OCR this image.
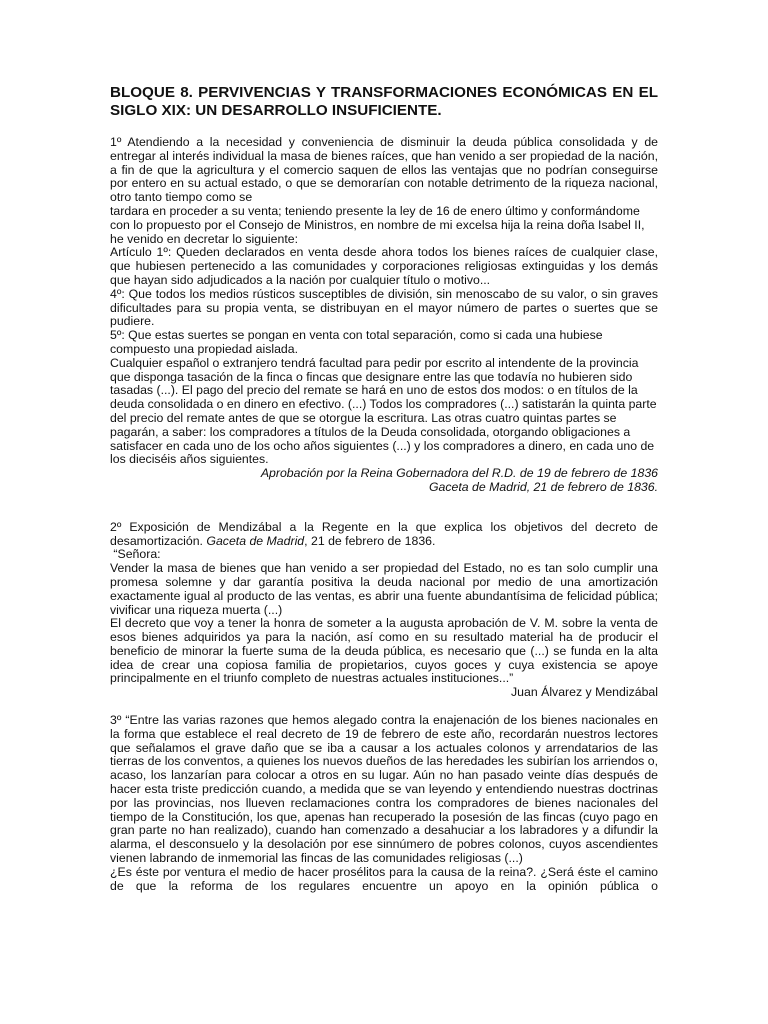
BLOQUE 8. PERVIVENCIAS Y TRANSFORMACIONES ECONÓMICAS EN EL SIGLO XIX: UN DESARROLLO INSUFICIENTE.

1º Atendiendo a la necesidad y conveniencia de disminuir la deuda pública consolidada y de entregar al interés individual la masa de bienes raíces, que han venido a ser propiedad de la nación, a fin de que la agricultura y el comercio saquen de ellos las ventajas que no podrían conseguirse por entero en su actual estado, o que se demorarían con notable detrimento de la riqueza nacional, otro tanto tiempo como se

tardara en proceder a su venta; teniendo presente la ley de 16 de enero último y conformándome con lo propuesto por el Consejo de Ministros, en nombre de mi excelsa hija la reina doña Isabel II, he venido en decretar lo siguiente:

Artículo 1º: Queden declarados en venta desde ahora todos los bienes raíces de cualquier clase, que hubiesen pertenecido a las comunidades y corporaciones religiosas extinguidas y los demás que hayan sido adjudicados a la nación por cualquier título o motivo...

4º: Que todos los medios rústicos susceptibles de división, sin menoscabo de su valor, o sin graves dificultades para su propia venta, se distribuyan en el mayor número de partes o suertes que se pudiere.

5º: Que estas suertes se pongan en venta con total separación, como si cada una hubiese compuesto una propiedad aislada.

Cualquier español o extranjero tendrá facultad para pedir por escrito al intendente de la provincia que disponga tasación de la finca o fincas que designare entre las que todavía no hubieren sido tasadas (...). El pago del precio del remate se hará en uno de estos dos modos: o en títulos de la deuda consolidada o en dinero en efectivo. (...) Todos los compradores (...) satistarán la quinta parte del precio del remate antes de que se otorgue la escritura. Las otras cuatro quintas partes se pagarán, a saber: los compradores a títulos de la Deuda consolidada, otorgando obligaciones a satisfacer en cada uno de los ocho años siguientes (...) y los compradores a dinero, en cada uno de los dieciséis años siguientes.

Aprobación por la Reina Gobernadora del R.D. de 19 de febrero de 1836

Gaceta de Madrid, 21 de febrero de 1836.

2º Exposición de Mendizábal a la Regente en la que explica los objetivos del decreto de desamortización. Gaceta de Madrid, 21 de febrero de 1836.

“Señora:

Vender la masa de bienes que han venido a ser propiedad del Estado, no es tan solo cumplir una promesa solemne y dar garantía positiva la deuda nacional por medio de una amortización exactamente igual al producto de las ventas, es abrir una fuente abundantísima de felicidad pública; vivificar una riqueza muerta (...)

El decreto que voy a tener la honra de someter a la augusta aprobación de V. M. sobre la venta de esos bienes adquiridos ya para la nación, así como en su resultado material ha de producir el beneficio de minorar la fuerte suma de la deuda pública, es necesario que (...) se funda en la alta idea de crear una copiosa familia de propietarios, cuyos goces y cuya existencia se apoye principalmente en el triunfo completo de nuestras actuales instituciones...”

Juan Álvarez y Mendizábal

3º “Entre las varias razones que hemos alegado contra la enajenación de los bienes nacionales en la forma que establece el real decreto de 19 de febrero de este año, recordarán nuestros lectores que señalamos el grave daño que se iba a causar a los actuales colonos y arrendatarios de las tierras de los conventos, a quienes los nuevos dueños de las heredades les subirían los arriendos o, acaso, los lanzarían para colocar a otros en su lugar. Aún no han pasado veinte días después de hacer esta triste predicción cuando, a medida que se van leyendo y entendiendo nuestras doctrinas por las provincias, nos llueven reclamaciones contra los compradores de bienes nacionales del tiempo de la Constitución, los que, apenas han recuperado la posesión de las fincas (cuyo pago en gran parte no han realizado), cuando han comenzado a desahuciar a los labradores y a difundir la alarma, el desconsuelo y la desolación por ese sinnúmero de pobres colonos, cuyos ascendientes vienen labrando de inmemorial las fincas de las comunidades religiosas (...)

¿Es éste por ventura el medio de hacer prosélitos para la causa de la reina?. ¿Será éste el camino de que la reforma de los regulares encuentre un apoyo en la opinión pública o
